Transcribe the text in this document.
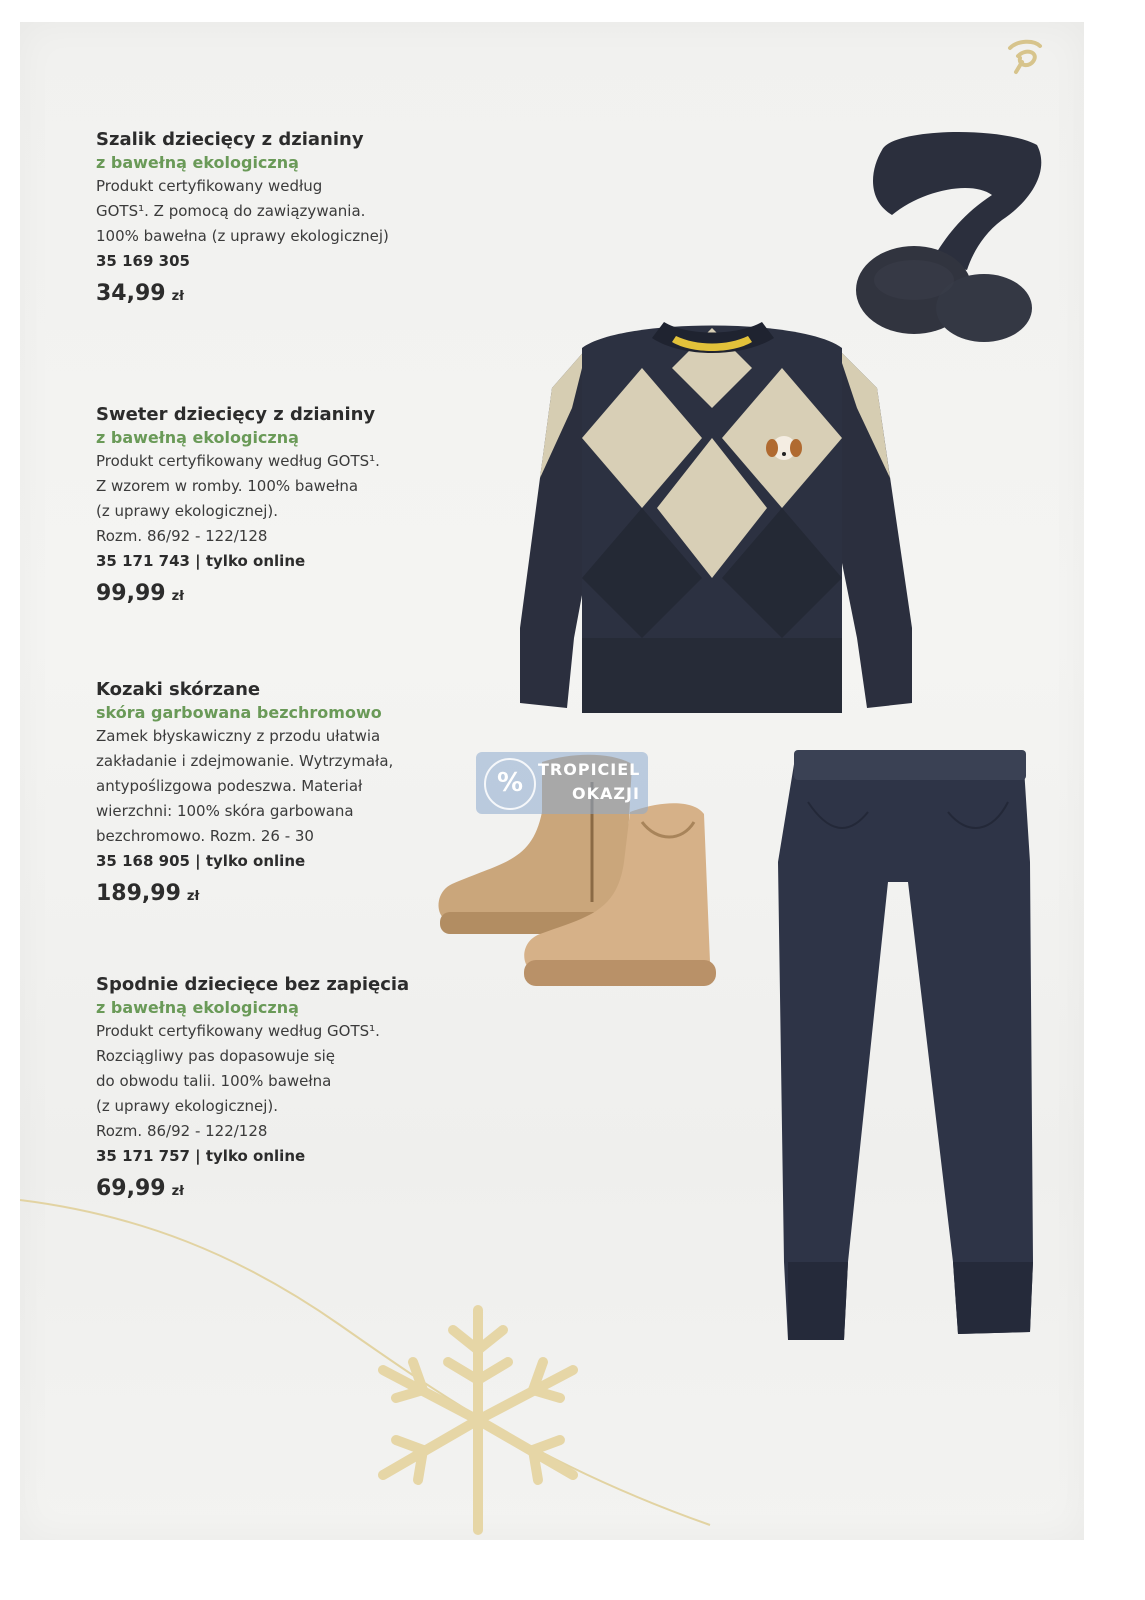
Szalik dziecięcy z dzianiny
z bawełną ekologiczną
Produkt certyfikowany według
GOTS¹. Z pomocą do zawiązywania.
100% bawełna (z uprawy ekologicznej)
35 169 305
34,99 zł
Sweter dziecięcy z dzianiny
z bawełną ekologiczną
Produkt certyfikowany według GOTS¹.
Z wzorem w romby. 100% bawełna
(z uprawy ekologicznej).
Rozm. 86/92 - 122/128
35 171 743 | tylko online
99,99 zł
Kozaki skórzane
skóra garbowana bezchromowo
Zamek błyskawiczny z przodu ułatwia
zakładanie i zdejmowanie. Wytrzymała,
antypoślizgowa podeszwa. Materiał
wierzchni: 100% skóra garbowana
bezchromowo. Rozm. 26 - 30
35 168 905 | tylko online
189,99 zł
Spodnie dziecięce bez zapięcia
z bawełną ekologiczną
Produkt certyfikowany według GOTS¹.
Rozciągliwy pas dopasowuje się
do obwodu talii. 100% bawełna
(z uprawy ekologicznej).
Rozm. 86/92 - 122/128
35 171 757 | tylko online
69,99 zł
% TROPICIEL
OKAZJI
